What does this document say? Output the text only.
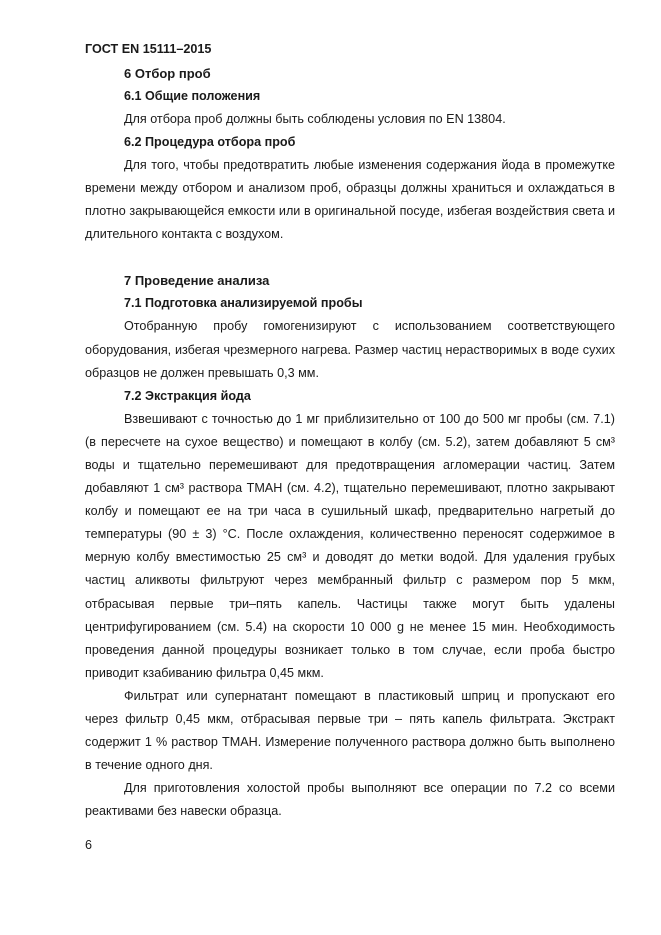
ГОСТ EN 15111–2015
6 Отбор проб
6.1 Общие положения

Для отбора проб должны быть соблюдены условия по EN 13804.

6.2 Процедура отбора проб

Для того, чтобы предотвратить любые изменения содержания йода в промежутке времени между отбором и анализом проб, образцы должны храниться и охлаждаться в плотно закрывающейся емкости или в оригинальной посуде, избегая воздействия света и длительного контакта с воздухом.

7 Проведение анализа
7.1 Подготовка анализируемой пробы

Отобранную пробу гомогенизируют с использованием соответствующего оборудования, избегая чрезмерного нагрева. Размер частиц нерастворимых в воде сухих образцов не должен превышать 0,3 мм.

7.2 Экстракция йода

Взвешивают с точностью до 1 мг приблизительно от 100 до 500 мг пробы (см. 7.1) (в пересчете на сухое вещество) и помещают в колбу (см. 5.2), затем добавляют 5 см³ воды и тщательно перемешивают для предотвращения агломерации частиц. Затем добавляют 1 см³ раствора ТМАН (см. 4.2), тщательно перемешивают, плотно закрывают колбу и помещают ее на три часа в сушильный шкаф, предварительно нагретый до температуры (90 ± 3) °С. После охлаждения, количественно переносят содержимое в мерную колбу вместимостью 25 см³ и доводят до метки водой. Для удаления грубых частиц аликвоты фильтруют через мембранный фильтр с размером пор 5 мкм, отбрасывая первые три–пять капель. Частицы также могут быть удалены центрифугированием (см. 5.4) на скорости 10 000 g не менее 15 мин. Необходимость проведения данной процедуры возникает только в том случае, если проба быстро приводит кзабиванию фильтра 0,45 мкм.

Фильтрат или супернатант помещают в пластиковый шприц и пропускают его через фильтр 0,45 мкм, отбрасывая первые три – пять капель фильтрата. Экстракт содержит 1 % раствор ТМАН. Измерение полученного раствора должно быть выполнено в течение одного дня.

Для приготовления холостой пробы выполняют все операции по 7.2 со всеми реактивами без навески образца.

6
